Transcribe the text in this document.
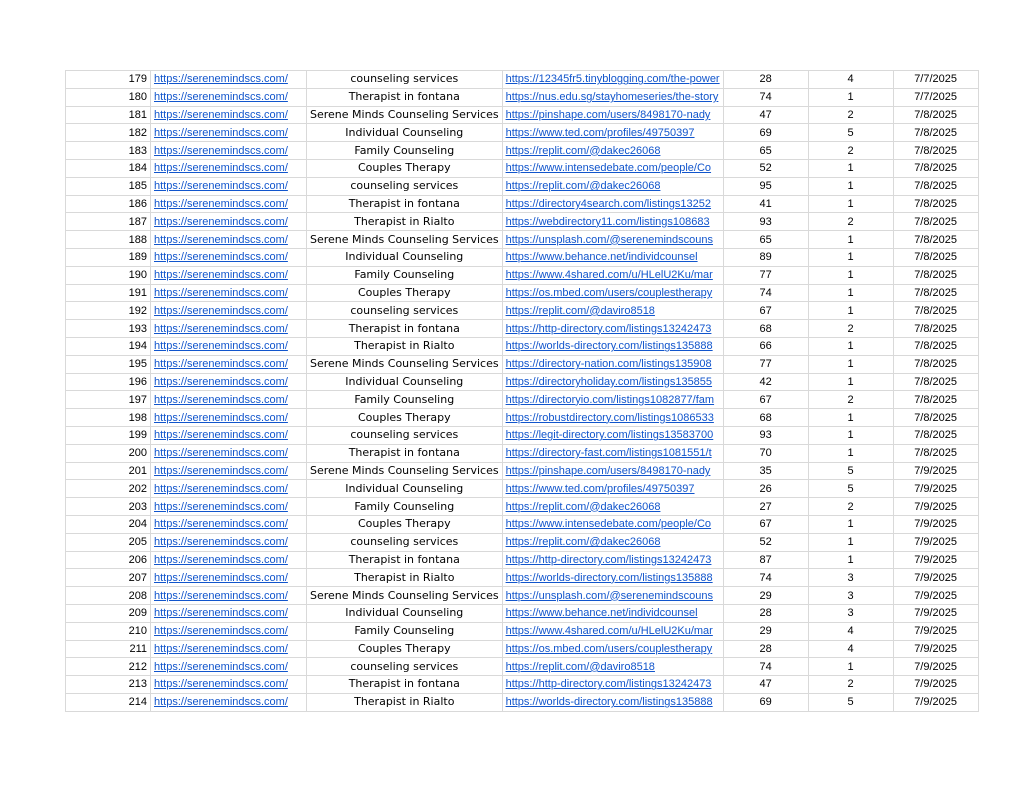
179	https://serenemindscs.com/	counseling services	https://12345fr5.tinyblogging.com/the-power	28	4	7/7/2025
180	https://serenemindscs.com/	Therapist in fontana	https://nus.edu.sg/stayhomeseries/the-story	74	1	7/7/2025
181	https://serenemindscs.com/	Serene Minds Counseling Services	https://pinshape.com/users/8498170-nady	47	2	7/8/2025
182	https://serenemindscs.com/	Individual Counseling	https://www.ted.com/profiles/49750397	69	5	7/8/2025
183	https://serenemindscs.com/	Family Counseling	https://replit.com/@dakec26068	65	2	7/8/2025
184	https://serenemindscs.com/	Couples Therapy	https://www.intensedebate.com/people/Co	52	1	7/8/2025
185	https://serenemindscs.com/	counseling services	https://replit.com/@dakec26068	95	1	7/8/2025
186	https://serenemindscs.com/	Therapist in fontana	https://directory4search.com/listings13252	41	1	7/8/2025
187	https://serenemindscs.com/	Therapist in Rialto	https://webdirectory11.com/listings108683	93	2	7/8/2025
188	https://serenemindscs.com/	Serene Minds Counseling Services	https://unsplash.com/@serenemindscouns	65	1	7/8/2025
189	https://serenemindscs.com/	Individual Counseling	https://www.behance.net/individcounsel	89	1	7/8/2025
190	https://serenemindscs.com/	Family Counseling	https://www.4shared.com/u/HLelU2Ku/mar	77	1	7/8/2025
191	https://serenemindscs.com/	Couples Therapy	https://os.mbed.com/users/couplestherapy	74	1	7/8/2025
192	https://serenemindscs.com/	counseling services	https://replit.com/@daviro8518	67	1	7/8/2025
193	https://serenemindscs.com/	Therapist in fontana	https://http-directory.com/listings13242473	68	2	7/8/2025
194	https://serenemindscs.com/	Therapist in Rialto	https://worlds-directory.com/listings135888	66	1	7/8/2025
195	https://serenemindscs.com/	Serene Minds Counseling Services	https://directory-nation.com/listings135908	77	1	7/8/2025
196	https://serenemindscs.com/	Individual Counseling	https://directoryholiday.com/listings135855	42	1	7/8/2025
197	https://serenemindscs.com/	Family Counseling	https://directoryio.com/listings1082877/fam	67	2	7/8/2025
198	https://serenemindscs.com/	Couples Therapy	https://robustdirectory.com/listings1086533	68	1	7/8/2025
199	https://serenemindscs.com/	counseling services	https://legit-directory.com/listings13583700	93	1	7/8/2025
200	https://serenemindscs.com/	Therapist in fontana	https://directory-fast.com/listings1081551/t	70	1	7/8/2025
201	https://serenemindscs.com/	Serene Minds Counseling Services	https://pinshape.com/users/8498170-nady	35	5	7/9/2025
202	https://serenemindscs.com/	Individual Counseling	https://www.ted.com/profiles/49750397	26	5	7/9/2025
203	https://serenemindscs.com/	Family Counseling	https://replit.com/@dakec26068	27	2	7/9/2025
204	https://serenemindscs.com/	Couples Therapy	https://www.intensedebate.com/people/Co	67	1	7/9/2025
205	https://serenemindscs.com/	counseling services	https://replit.com/@dakec26068	52	1	7/9/2025
206	https://serenemindscs.com/	Therapist in fontana	https://http-directory.com/listings13242473	87	1	7/9/2025
207	https://serenemindscs.com/	Therapist in Rialto	https://worlds-directory.com/listings135888	74	3	7/9/2025
208	https://serenemindscs.com/	Serene Minds Counseling Services	https://unsplash.com/@serenemindscouns	29	3	7/9/2025
209	https://serenemindscs.com/	Individual Counseling	https://www.behance.net/individcounsel	28	3	7/9/2025
210	https://serenemindscs.com/	Family Counseling	https://www.4shared.com/u/HLelU2Ku/mar	29	4	7/9/2025
211	https://serenemindscs.com/	Couples Therapy	https://os.mbed.com/users/couplestherapy	28	4	7/9/2025
212	https://serenemindscs.com/	counseling services	https://replit.com/@daviro8518	74	1	7/9/2025
213	https://serenemindscs.com/	Therapist in fontana	https://http-directory.com/listings13242473	47	2	7/9/2025
214	https://serenemindscs.com/	Therapist in Rialto	https://worlds-directory.com/listings135888	69	5	7/9/2025
